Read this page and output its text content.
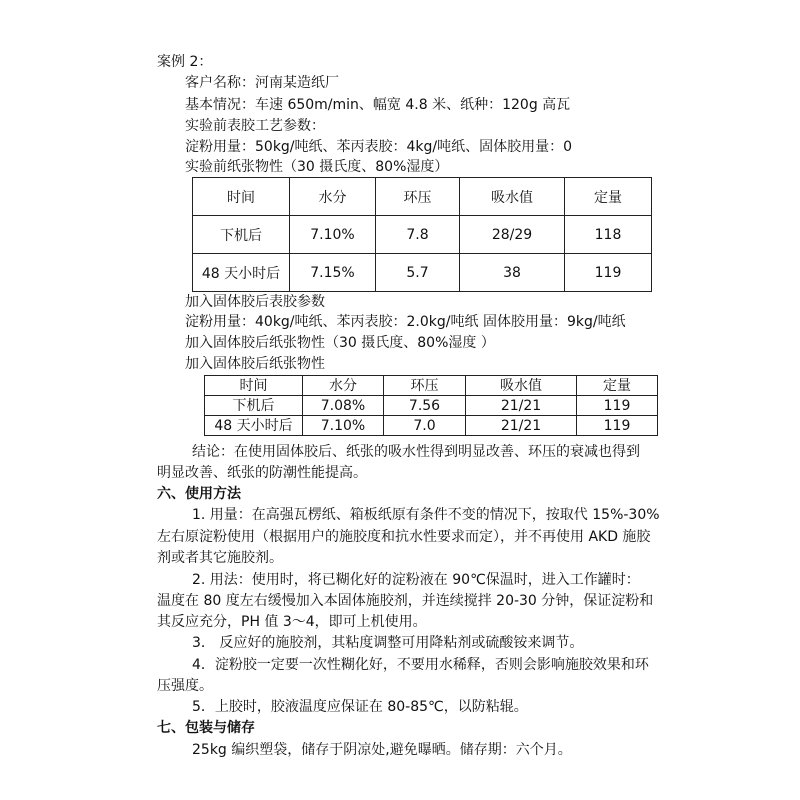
案例 2：
客户名称：河南某造纸厂
基本情况：车速 650m/min、幅宽 4.8 米、纸种：120g 高瓦
实验前表胶工艺参数：
淀粉用量：50kg/吨纸、苯丙表胶：4kg/吨纸、固体胶用量：0
实验前纸张物性（30 摄氏度、80%湿度）
时间	水分	环压	吸水值	定量
下机后	7.10%	7.8	28/29	118
48 天小时后	7.15%	5.7	38	119
加入固体胶后表胶参数
淀粉用量：40kg/吨纸、苯丙表胶：2.0kg/吨纸 固体胶用量：9kg/吨纸
加入固体胶后纸张物性（30 摄氏度、80%湿度 ）
加入固体胶后纸张物性
时间	水分	环压	吸水值	定量
下机后	7.08%	7.56	21/21	119
48 天小时后	7.10%	7.0	21/21	119
结论：在使用固体胶后、纸张的吸水性得到明显改善、环压的衰减也得到
明显改善、纸张的防潮性能提高。
六、使用方法
1. 用量：在高强瓦楞纸、箱板纸原有条件不变的情况下，按取代 15%-30%
左右原淀粉使用（根据用户的施胶度和抗水性要求而定），并不再使用 AKD 施胶
剂或者其它施胶剂。
2. 用法：使用时，将已糊化好的淀粉液在 90℃保温时，进入工作罐时：
温度在 80 度左右缓慢加入本固体施胶剂，并连续搅拌 20-30 分钟，保证淀粉和
其反应充分，PH 值 3～4，即可上机使用。
3． 反应好的施胶剂，其粘度调整可用降粘剂或硫酸铵来调节。
4．淀粉胶一定要一次性糊化好，不要用水稀释，否则会影响施胶效果和环
压强度。
5．上胶时，胶液温度应保证在 80-85℃，以防粘辊。
七、包装与储存
25kg 编织塑袋，储存于阴凉处,避免曝晒。储存期：六个月。
